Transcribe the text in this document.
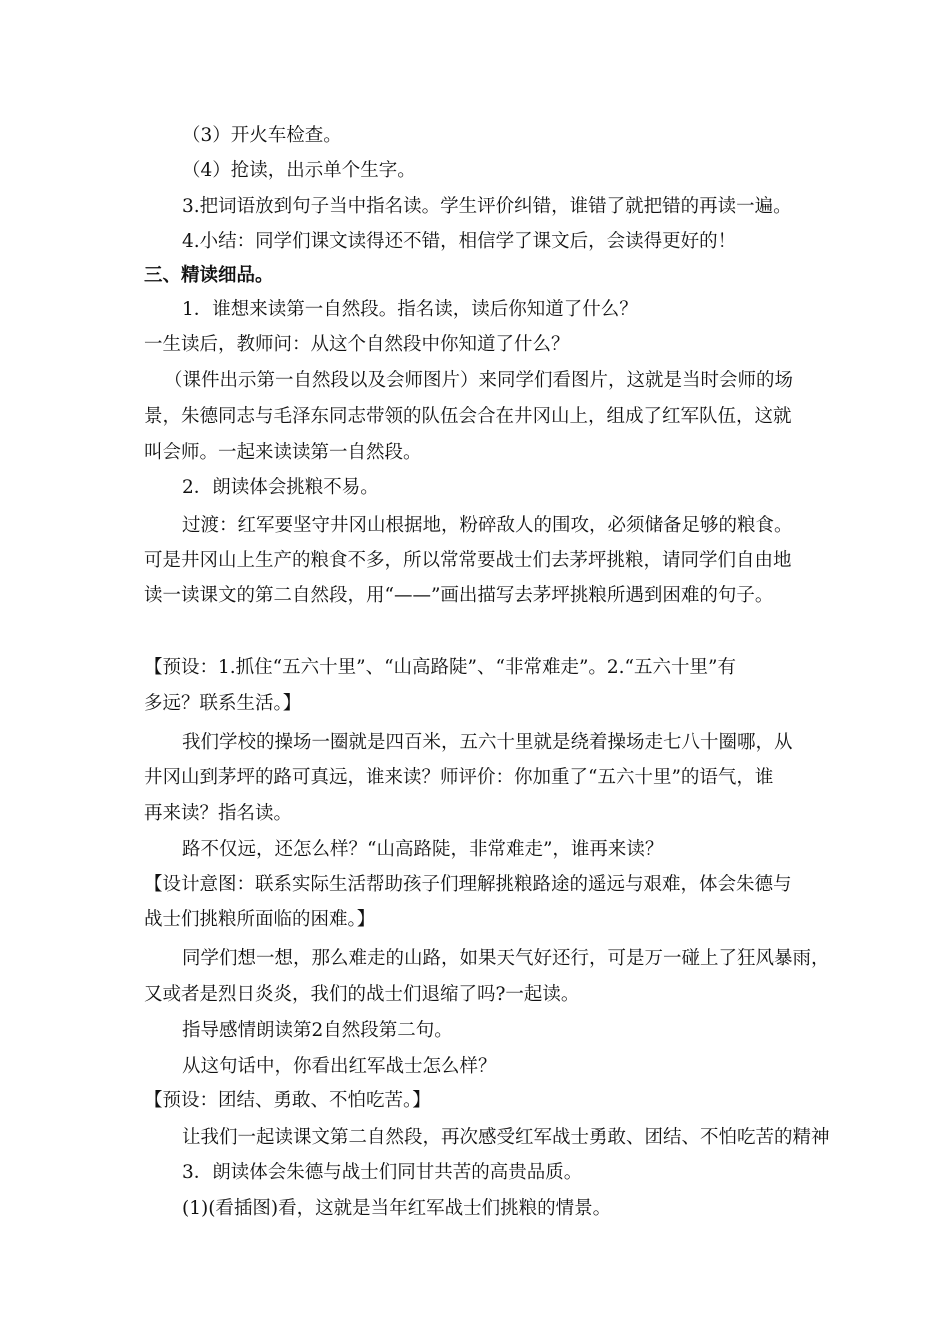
（3）开火车检查。
（4）抢读，出示单个生字。
3.把词语放到句子当中指名读。学生评价纠错，谁错了就把错的再读一遍。
4.小结：同学们课文读得还不错，相信学了课文后，会读得更好的！
三、精读细品。
1．谁想来读第一自然段。指名读，读后你知道了什么？
一生读后，教师问：从这个自然段中你知道了什么？
（课件出示第一自然段以及会师图片）来同学们看图片，这就是当时会师的场
景，朱德同志与毛泽东同志带领的队伍会合在井冈山上，组成了红军队伍，这就
叫会师。一起来读读第一自然段。
2．朗读体会挑粮不易。
过渡：红军要坚守井冈山根据地，粉碎敌人的围攻，必须储备足够的粮食。
可是井冈山上生产的粮食不多，所以常常要战士们去茅坪挑粮，请同学们自由地
读一读课文的第二自然段，用“——”画出描写去茅坪挑粮所遇到困难的句子。
【预设：1.抓住“五六十里”、“山高路陡”、“非常难走”。2.“五六十里”有
多远？联系生活。】
我们学校的操场一圈就是四百米，五六十里就是绕着操场走七八十圈哪，从
井冈山到茅坪的路可真远，谁来读？师评价：你加重了“五六十里”的语气，谁
再来读？指名读。
路不仅远，还怎么样？“山高路陡，非常难走”，谁再来读？
【设计意图：联系实际生活帮助孩子们理解挑粮路途的遥远与艰难，体会朱德与
战士们挑粮所面临的困难。】
同学们想一想，那么难走的山路，如果天气好还行，可是万一碰上了狂风暴雨，
又或者是烈日炎炎，我们的战士们退缩了吗?一起读。
指导感情朗读第2自然段第二句。
从这句话中，你看出红军战士怎么样？
【预设：团结、勇敢、不怕吃苦。】
让我们一起读课文第二自然段，再次感受红军战士勇敢、团结、不怕吃苦的精神
3．朗读体会朱德与战士们同甘共苦的高贵品质。
(1)(看插图)看，这就是当年红军战士们挑粮的情景。
